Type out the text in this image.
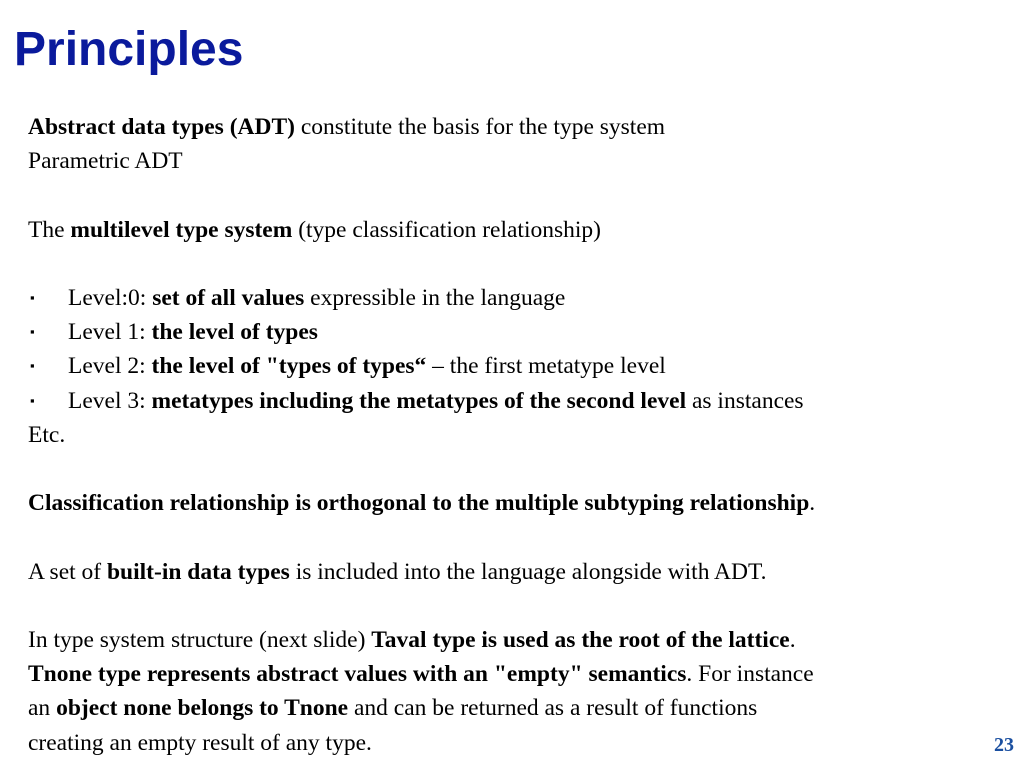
Principles
Abstract data types (ADT) constitute the basis for the type system
Parametric ADT
The multilevel type system (type classification relationship)
▪ Level:0: set of all values expressible in the language
▪ Level 1: the level of types
▪ Level 2: the level of "types of types“ – the first metatype level
▪ Level 3: metatypes including the metatypes of the second level as instances
Etc.
Classification relationship is orthogonal to the multiple subtyping relationship.
A set of built-in data types is included into the language alongside with ADT.
In type system structure (next slide) Taval type is used as the root of the lattice.
Tnone type represents abstract values with an "empty" semantics. For instance
an object none belongs to Tnone and can be returned as a result of functions
creating an empty result of any type.	23
